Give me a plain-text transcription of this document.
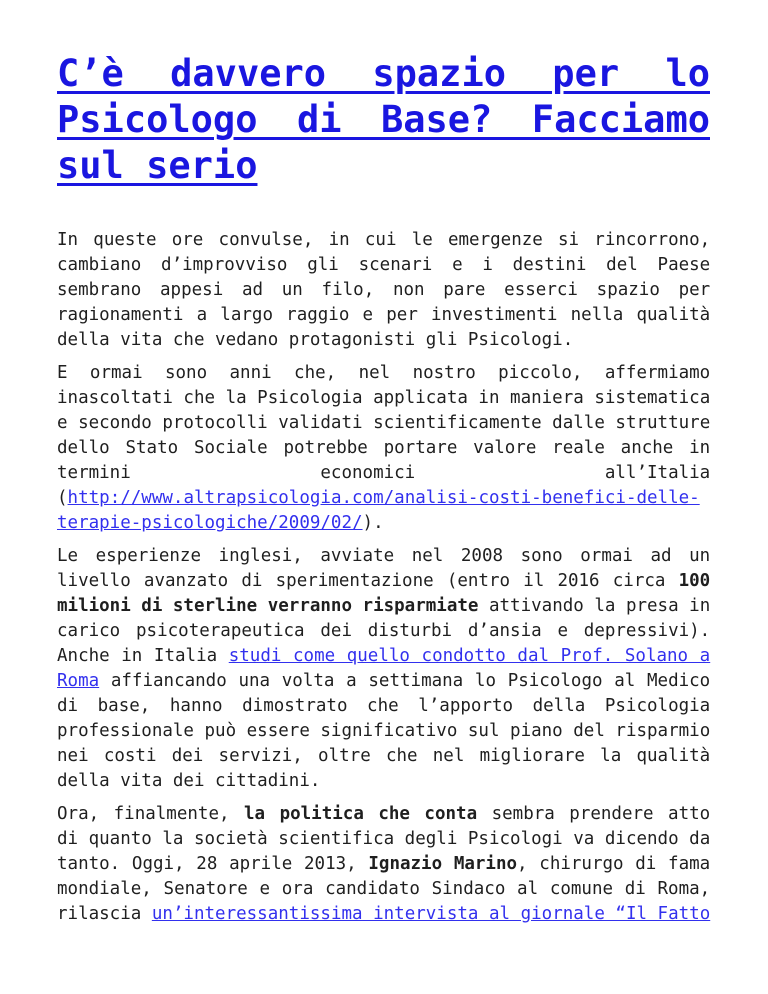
C’è davvero spazio per lo Psicologo di Base? Facciamo sul serio

In queste ore convulse, in cui le emergenze si rincorrono, cambiano d’improvviso gli scenari e i destini del Paese sembrano appesi ad un filo, non pare esserci spazio per ragionamenti a largo raggio e per investimenti nella qualità della vita che vedano protagonisti gli Psicologi.

E ormai sono anni che, nel nostro piccolo, affermiamo inascoltati che la Psicologia applicata in maniera sistematica e secondo protocolli validati scientificamente dalle strutture dello Stato Sociale potrebbe portare valore reale anche in termini economici all’Italia (http://www.altrapsicologia.com/analisi-costi-benefici-delle-terapie-psicologiche/2009/02/).

Le esperienze inglesi, avviate nel 2008 sono ormai ad un livello avanzato di sperimentazione (entro il 2016 circa 100 milioni di sterline verranno risparmiate attivando la presa in carico psicoterapeutica dei disturbi d’ansia e depressivi). Anche in Italia studi come quello condotto dal Prof. Solano a Roma affiancando una volta a settimana lo Psicologo al Medico di base, hanno dimostrato che l’apporto della Psicologia professionale può essere significativo sul piano del risparmio nei costi dei servizi, oltre che nel migliorare la qualità della vita dei cittadini.

Ora, finalmente, la politica che conta sembra prendere atto di quanto la società scientifica degli Psicologi va dicendo da tanto. Oggi, 28 aprile 2013, Ignazio Marino, chirurgo di fama mondiale, Senatore e ora candidato Sindaco al comune di Roma, rilascia un’interessantissima intervista al giornale “Il Fatto
